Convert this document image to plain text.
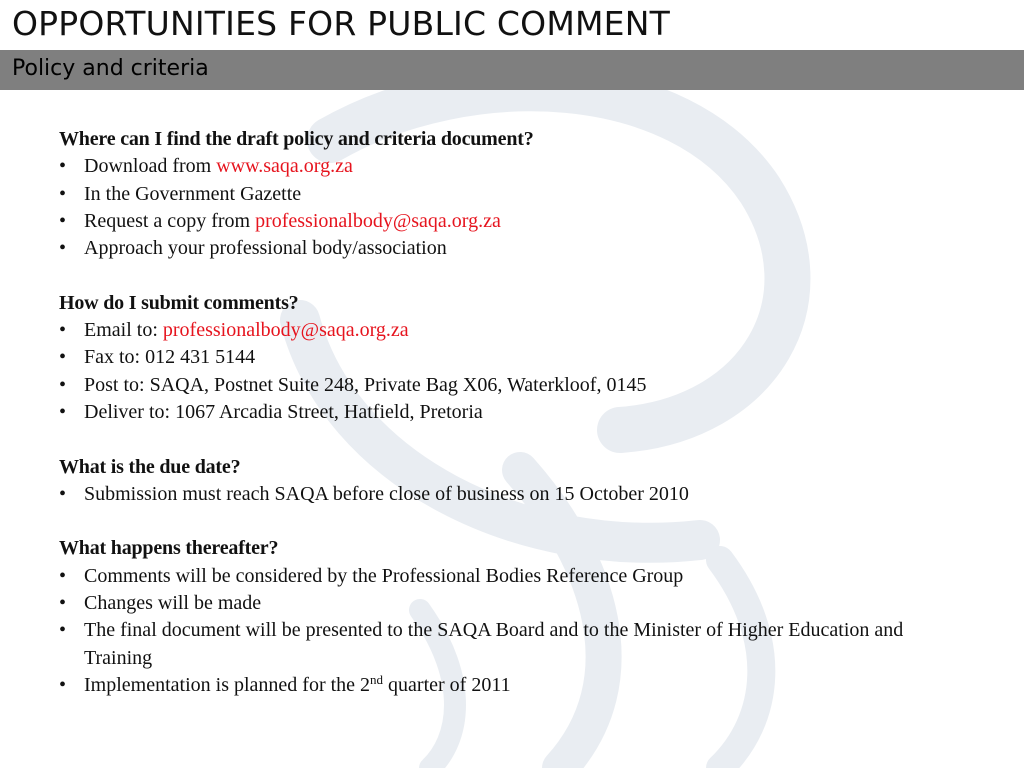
OPPORTUNITIES FOR PUBLIC COMMENT
Policy and criteria
Where can I find the draft policy and criteria document?
• Download from www.saqa.org.za
• In the Government Gazette
• Request a copy from professionalbody@saqa.org.za
• Approach your professional body/association
How do I submit comments?
• Email to: professionalbody@saqa.org.za
• Fax to: 012 431 5144
• Post to: SAQA, Postnet Suite 248, Private Bag X06, Waterkloof, 0145
• Deliver to: 1067 Arcadia Street, Hatfield, Pretoria
What is the due date?
• Submission must reach SAQA before close of business on 15 October 2010
What happens thereafter?
• Comments will be considered by the Professional Bodies Reference Group
• Changes will be made
• The final document will be presented to the SAQA Board and to the Minister of Higher Education and Training
• Implementation is planned for the 2nd quarter of 2011
